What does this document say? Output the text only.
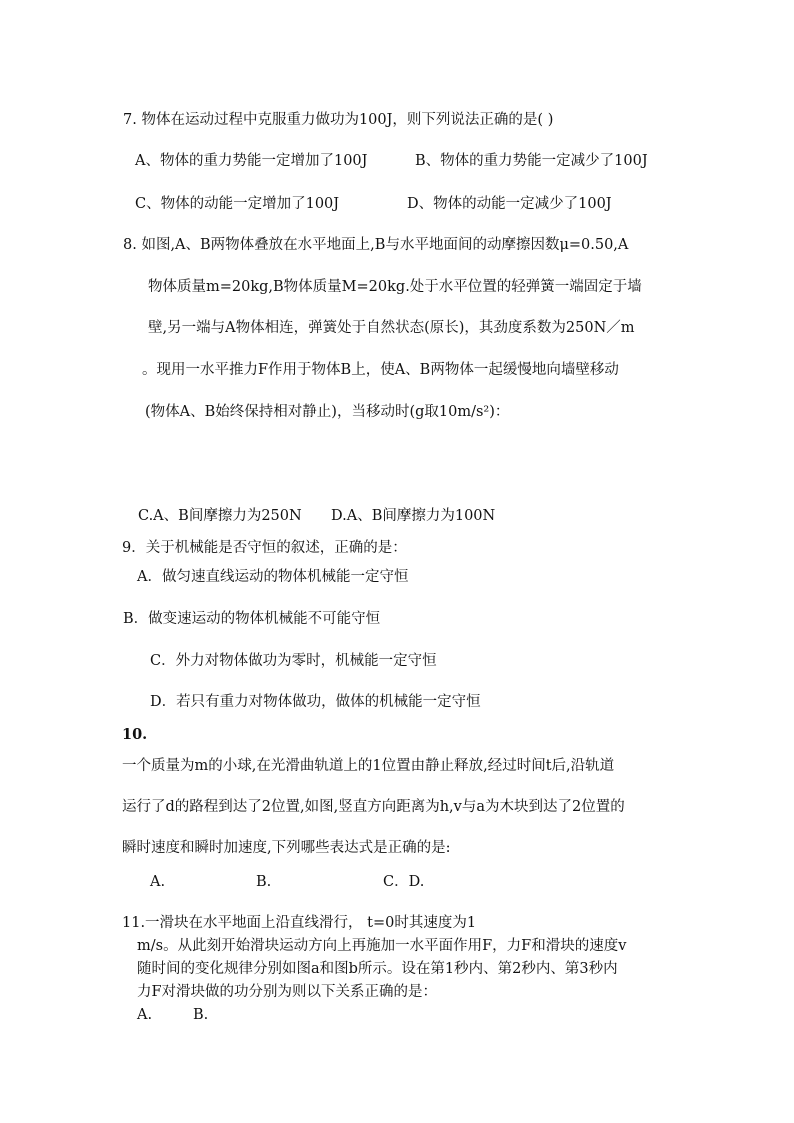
7. 物体在运动过程中克服重力做功为100J，则下列说法正确的是( )
A、物体的重力势能一定增加了100J	B、物体的重力势能一定减少了100J
C、物体的动能一定增加了100J	D、物体的动能一定减少了100J
8. 如图,A、B两物体叠放在水平地面上,B与水平地面间的动摩擦因数μ=0.50,A
物体质量m=20kg,B物体质量M=20kg.处于水平位置的轻弹簧一端固定于墙
壁,另一端与A物体相连，弹簧处于自然状态(原长)，其劲度系数为250N／m
。现用一水平推力F作用于物体B上，使A、B两物体一起缓慢地向墙壁移动
(物体A、B始终保持相对静止)，当移动时(g取10m/s²)：
C.A、B间摩擦力为250N D.A、B间摩擦力为100N
9．关于机械能是否守恒的叙述，正确的是：
A．做匀速直线运动的物体机械能一定守恒
B．做变速运动的物体机械能不可能守恒
C．外力对物体做功为零时，机械能一定守恒
D．若只有重力对物体做功，做体的机械能一定守恒
10.
一个质量为m的小球,在光滑曲轨道上的1位置由静止释放,经过时间t后,沿轨道
运行了d的路程到达了2位置,如图,竖直方向距离为h,v与a为木块到达了2位置的
瞬时速度和瞬时加速度,下列哪些表达式是正确的是:
A.	B.	C．D.
11.一滑块在水平地面上沿直线滑行， t=0时其速度为1
m/s。从此刻开始滑块运动方向上再施加一水平面作用F，力F和滑块的速度v
随时间的变化规律分别如图a和图b所示。设在第1秒内、第2秒内、第3秒内
力F对滑块做的功分别为则以下关系正确的是：
A.	B.
